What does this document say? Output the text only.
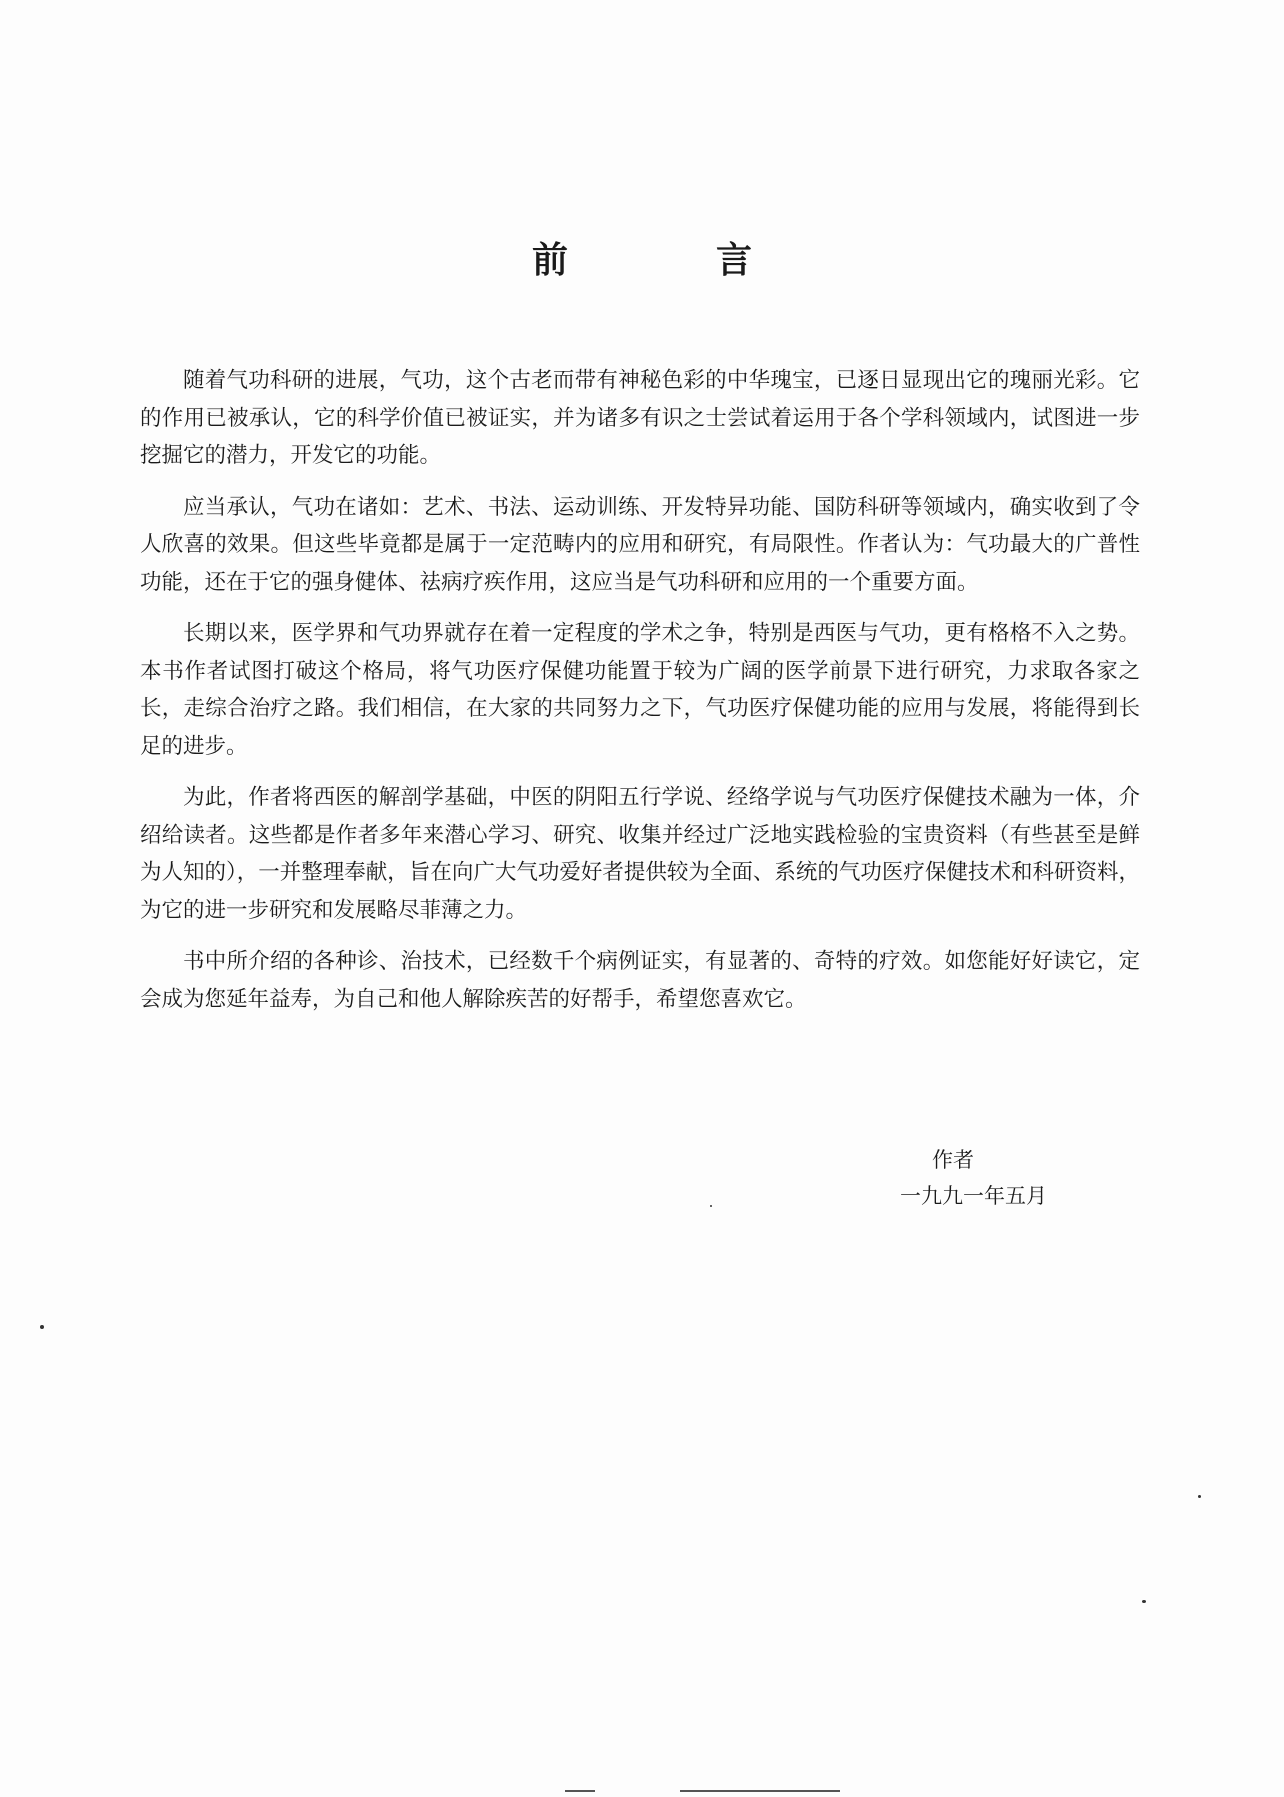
前　言

随着气功科研的进展，气功，这个古老而带有神秘色彩的中华瑰宝，已逐日显现出它的瑰丽光彩。它的作用已被承认，它的科学价值已被证实，并为诸多有识之士尝试着运用于各个学科领域内，试图进一步挖掘它的潜力，开发它的功能。

应当承认，气功在诸如：艺术、书法、运动训练、开发特异功能、国防科研等领域内，确实收到了令人欣喜的效果。但这些毕竟都是属于一定范畴内的应用和研究，有局限性。作者认为：气功最大的广普性功能，还在于它的强身健体、祛病疗疾作用，这应当是气功科研和应用的一个重要方面。

长期以来，医学界和气功界就存在着一定程度的学术之争，特别是西医与气功，更有格格不入之势。本书作者试图打破这个格局，将气功医疗保健功能置于较为广阔的医学前景下进行研究，力求取各家之长，走综合治疗之路。我们相信，在大家的共同努力之下，气功医疗保健功能的应用与发展，将能得到长足的进步。

为此，作者将西医的解剖学基础，中医的阴阳五行学说、经络学说与气功医疗保健技术融为一体，介绍给读者。这些都是作者多年来潜心学习、研究、收集并经过广泛地实践检验的宝贵资料（有些甚至是鲜为人知的），一并整理奉献，旨在向广大气功爱好者提供较为全面、系统的气功医疗保健技术和科研资料，为它的进一步研究和发展略尽菲薄之力。

书中所介绍的各种诊、治技术，已经数千个病例证实，有显著的、奇特的疗效。如您能好好读它，定会成为您延年益寿，为自己和他人解除疾苦的好帮手，希望您喜欢它。

作者
一九九一年五月
